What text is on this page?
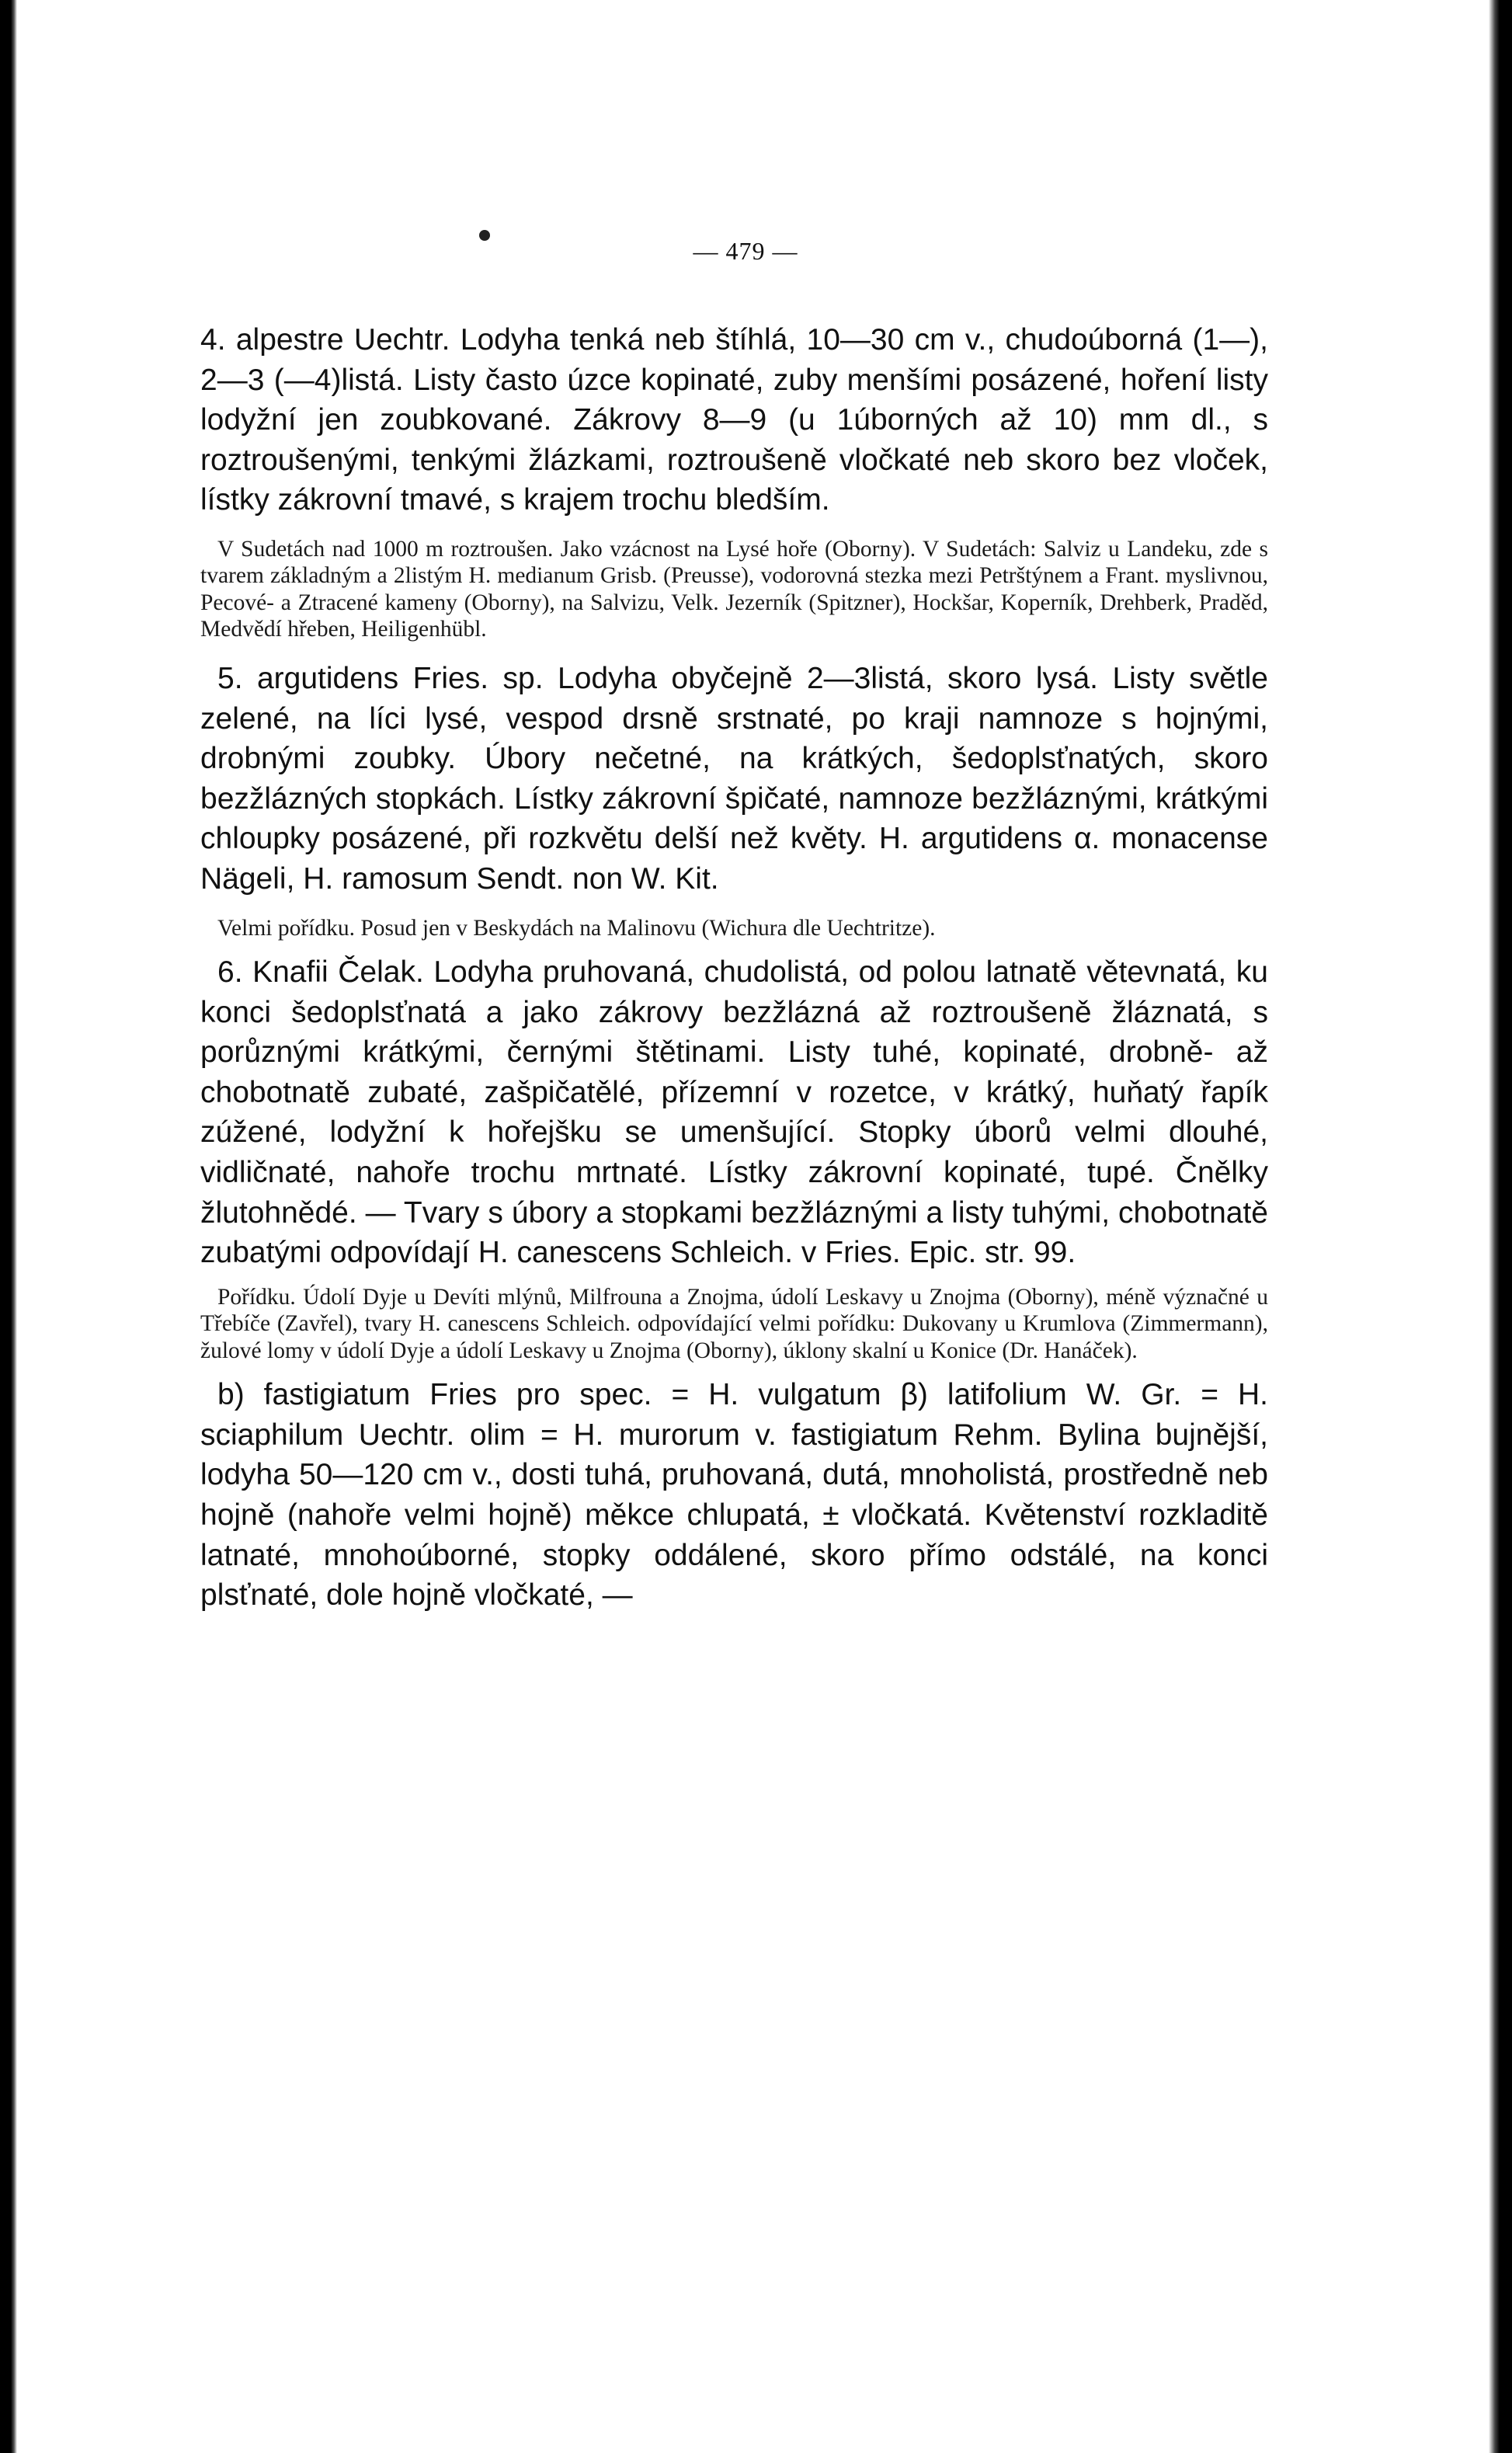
— 479 —

4. alpestre Uechtr. Lodyha tenká neb štíhlá, 10—30 cm v., chudoúborná (1—), 2—3 (—4)listá. Listy často úzce kopinaté, zuby menšími posázené, hoření listy lodyžní jen zoubkované. Zákrovy 8—9 (u 1úborných až 10) mm dl., s roztroušenými, tenkými žlázkami, roztroušeně vločkaté neb skoro bez vloček, lístky zákrovní tmavé, s krajem trochu bledším.

V Sudetách nad 1000 m roztroušen. Jako vzácnost na Lysé hoře (Oborny). V Sudetách: Salviz u Landeku, zde s tvarem základným a 2listým H. medianum Grisb. (Preusse), vodorovná stezka mezi Petrštýnem a Frant. myslivnou, Pecové- a Ztracené kameny (Oborny), na Salvizu, Velk. Jezerník (Spitzner), Hockšar, Koperník, Drehberk, Praděd, Medvědí hřeben, Heiligenhübl.

5. argutidens Fries. sp. Lodyha obyčejně 2—3listá, skoro lysá. Listy světle zelené, na líci lysé, vespod drsně srstnaté, po kraji namnoze s hojnými, drobnými zoubky. Úbory nečetné, na krátkých, šedoplsťnatých, skoro bezžlázných stopkách. Lístky zákrovní špičaté, namnoze bezžláznými, krátkými chloupky posázené, při rozkvětu delší než květy. H. argutidens α. monacense Nägeli, H. ramosum Sendt. non W. Kit.

Velmi pořídku. Posud jen v Beskydách na Malinovu (Wichura dle Uechtritze).

6. Knafii Čelak. Lodyha pruhovaná, chudolistá, od polou latnatě větevnatá, ku konci šedoplsťnatá a jako zákrovy bezžlázná až roztroušeně žláznatá, s porůznými krátkými, černými štětinami. Listy tuhé, kopinaté, drobně- až chobotnatě zubaté, zašpičatělé, přízemní v rozetce, v krátký, huňatý řapík zúžené, lodyžní k hořejšku se umenšující. Stopky úborů velmi dlouhé, vidličnaté, nahoře trochu mrtnaté. Lístky zákrovní kopinaté, tupé. Čnělky žlutohnědé. — Tvary s úbory a stopkami bezžláznými a listy tuhými, chobotnatě zubatými odpovídají H. canescens Schleich. v Fries. Epic. str. 99.

Pořídku. Údolí Dyje u Devíti mlýnů, Milfrouna a Znojma, údolí Leskavy u Znojma (Oborny), méně význačné u Třebíče (Zavřel), tvary H. canescens Schleich. odpovídající velmi pořídku: Dukovany u Krumlova (Zimmermann), žulové lomy v údolí Dyje a údolí Leskavy u Znojma (Oborny), úklony skalní u Konice (Dr. Hanáček).

b) fastigiatum Fries pro spec. = H. vulgatum β) latifolium W. Gr. = H. sciaphilum Uechtr. olim = H. murorum v. fastigiatum Rehm. Bylina bujnější, lodyha 50—120 cm v., dosti tuhá, pruhovaná, dutá, mnoholistá, prostředně neb hojně (nahoře velmi hojně) měkce chlupatá, ± vločkatá. Květenství rozkladitě latnaté, mnohoúborné, stopky oddálené, skoro přímo odstálé, na konci plsťnaté, dole hojně vločkaté, —
